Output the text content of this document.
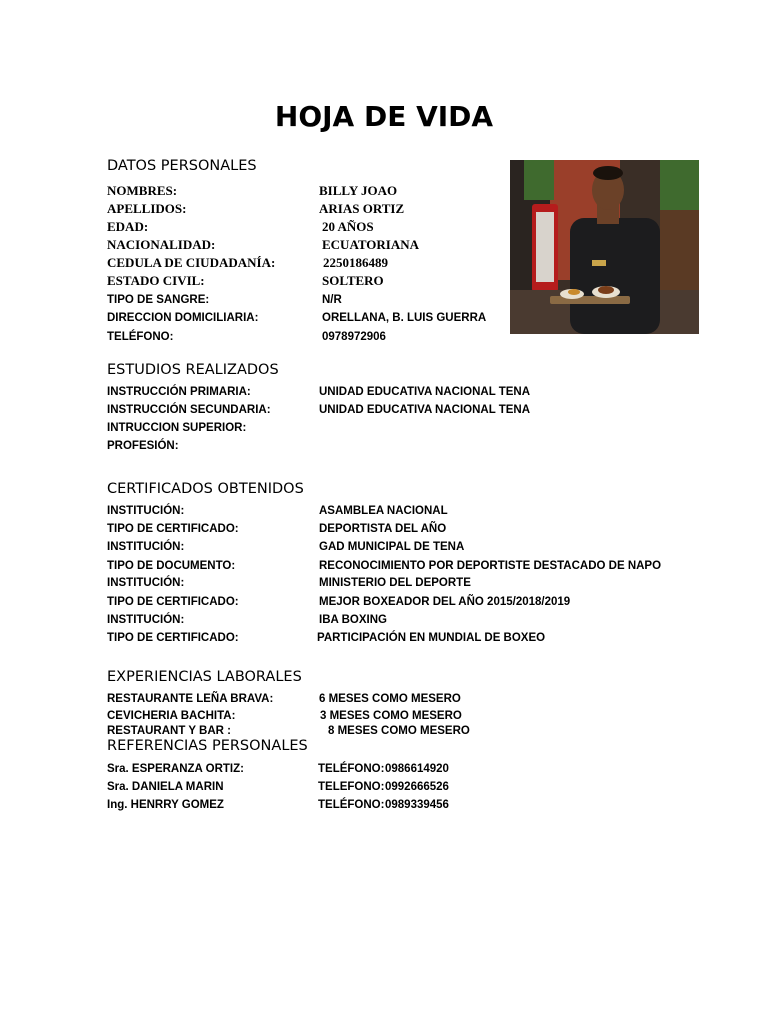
HOJA DE VIDA
DATOS PERSONALES
NOMBRES:	BILLY JOAO
APELLIDOS:	ARIAS ORTIZ
EDAD:	20 AÑOS
NACIONALIDAD:	ECUATORIANA
CEDULA DE CIUDADANÍA:	2250186489
ESTADO CIVIL:	SOLTERO
TIPO DE SANGRE:	N/R
DIRECCION DOMICILIARIA:	ORELLANA, B. LUIS GUERRA
TELÉFONO:	0978972906
ESTUDIOS REALIZADOS
INSTRUCCIÓN PRIMARIA:	UNIDAD EDUCATIVA NACIONAL TENA
INSTRUCCIÓN SECUNDARIA:	UNIDAD EDUCATIVA NACIONAL TENA
INTRUCCION SUPERIOR:
PROFESIÓN:
CERTIFICADOS OBTENIDOS
INSTITUCIÓN:	ASAMBLEA NACIONAL
TIPO DE CERTIFICADO:	DEPORTISTA DEL AÑO
INSTITUCIÓN:	GAD MUNICIPAL DE TENA
TIPO DE DOCUMENTO:	RECONOCIMIENTO POR DEPORTISTE DESTACADO DE NAPO
INSTITUCIÓN:	MINISTERIO DEL DEPORTE
TIPO DE CERTIFICADO:	MEJOR BOXEADOR DEL AÑO 2015/2018/2019
INSTITUCIÓN:	IBA BOXING
TIPO DE CERTIFICADO:	PARTICIPACIÓN EN MUNDIAL DE BOXEO
EXPERIENCIAS LABORALES
RESTAURANTE LEÑA BRAVA:	6 MESES COMO MESERO
CEVICHERIA BACHITA:	3 MESES COMO MESERO
RESTAURANT Y BAR :	8 MESES COMO MESERO
REFERENCIAS PERSONALES
Sra. ESPERANZA ORTIZ:	TELÉFONO: 0986614920
Sra. DANIELA MARIN	TELEFONO: 0992666526
Ing. HENRRY GOMEZ	TELÉFONO: 0989339456
